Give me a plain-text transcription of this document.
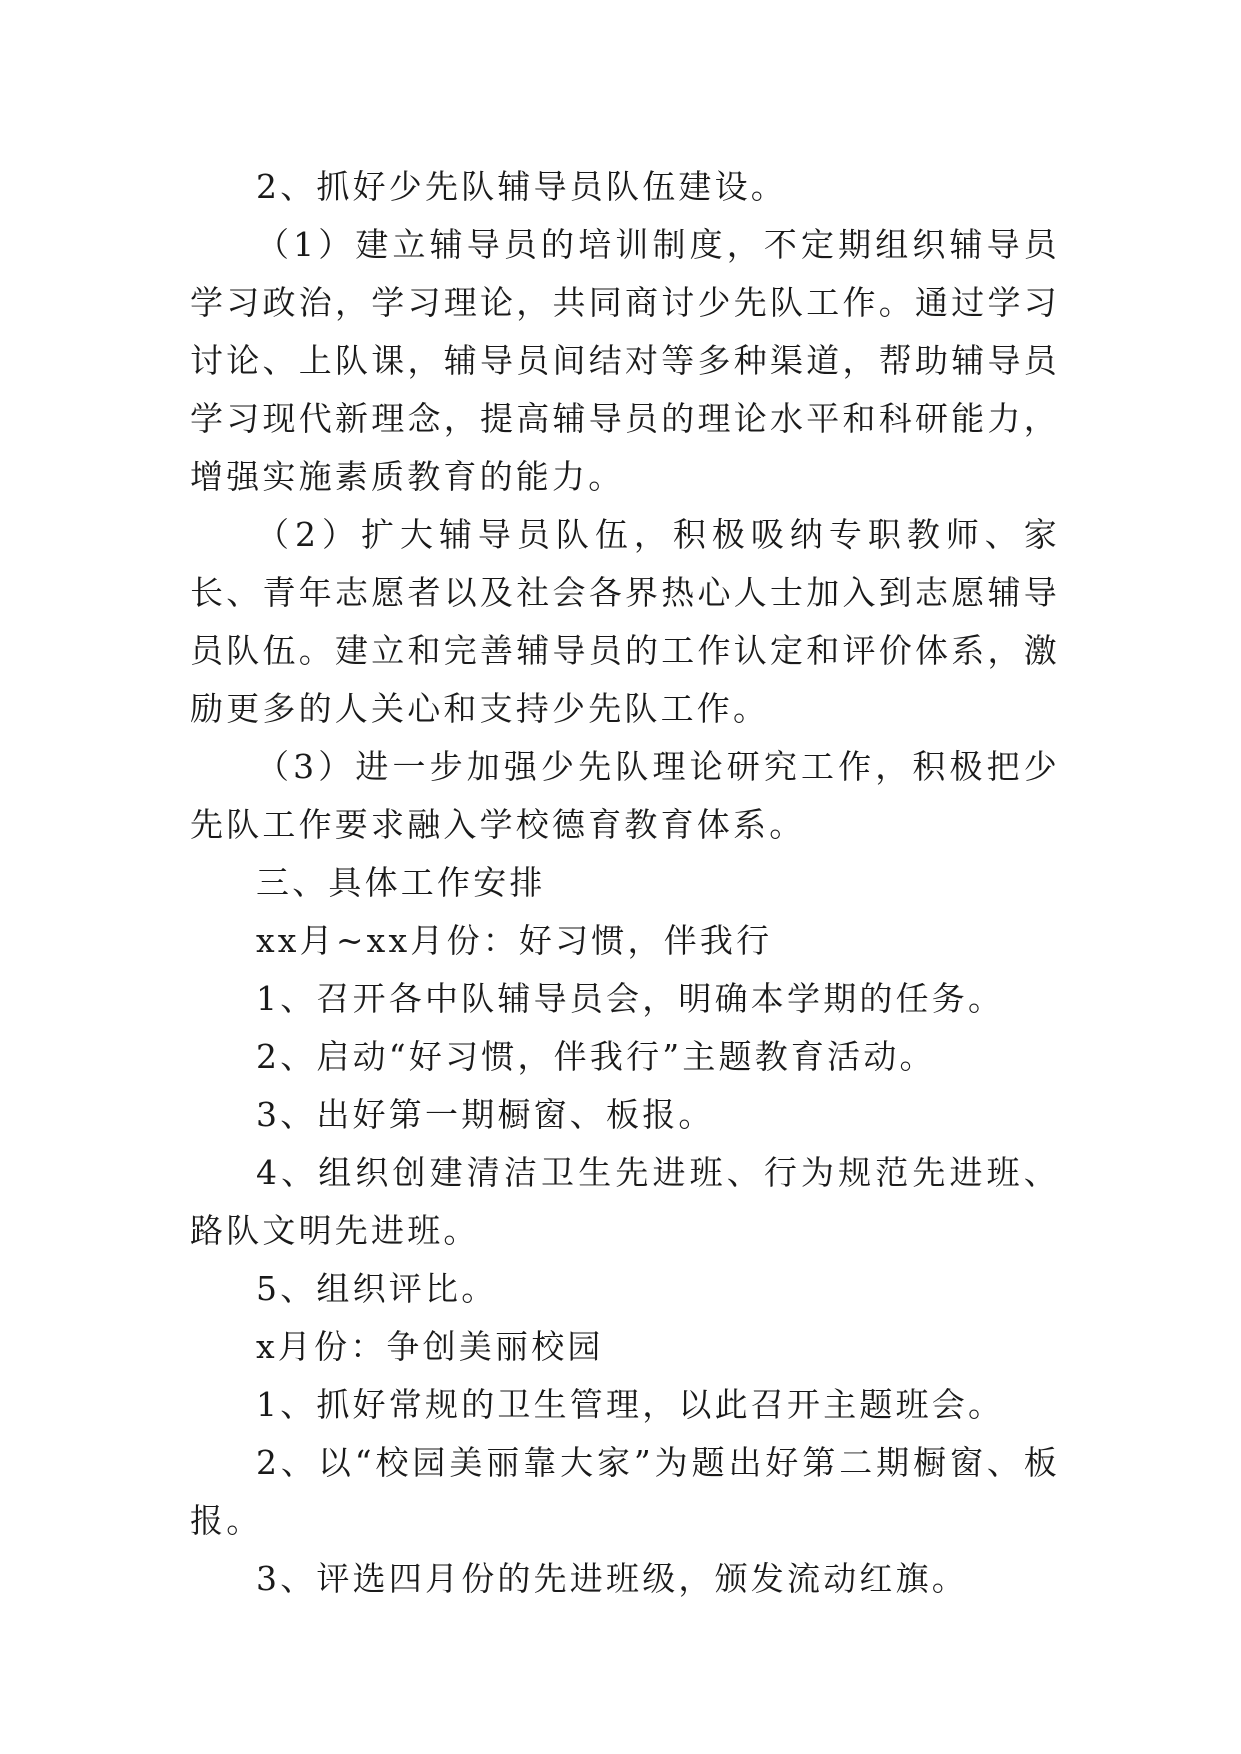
2、抓好少先队辅导员队伍建设。

（1）建立辅导员的培训制度，不定期组织辅导员学习政治，学习理论，共同商讨少先队工作。通过学习讨论、上队课，辅导员间结对等多种渠道，帮助辅导员学习现代新理念，提高辅导员的理论水平和科研能力，增强实施素质教育的能力。

（2）扩大辅导员队伍，积极吸纳专职教师、家长、青年志愿者以及社会各界热心人士加入到志愿辅导员队伍。建立和完善辅导员的工作认定和评价体系，激励更多的人关心和支持少先队工作。

（3）进一步加强少先队理论研究工作，积极把少先队工作要求融入学校德育教育体系。

三、具体工作安排

xx月~xx月份：好习惯，伴我行

1、召开各中队辅导员会，明确本学期的任务。

2、启动“好习惯，伴我行”主题教育活动。

3、出好第一期橱窗、板报。

4、组织创建清洁卫生先进班、行为规范先进班、路队文明先进班。

5、组织评比。

x月份：争创美丽校园

1、抓好常规的卫生管理，以此召开主题班会。

2、以“校园美丽靠大家”为题出好第二期橱窗、板报。

3、评选四月份的先进班级，颁发流动红旗。
